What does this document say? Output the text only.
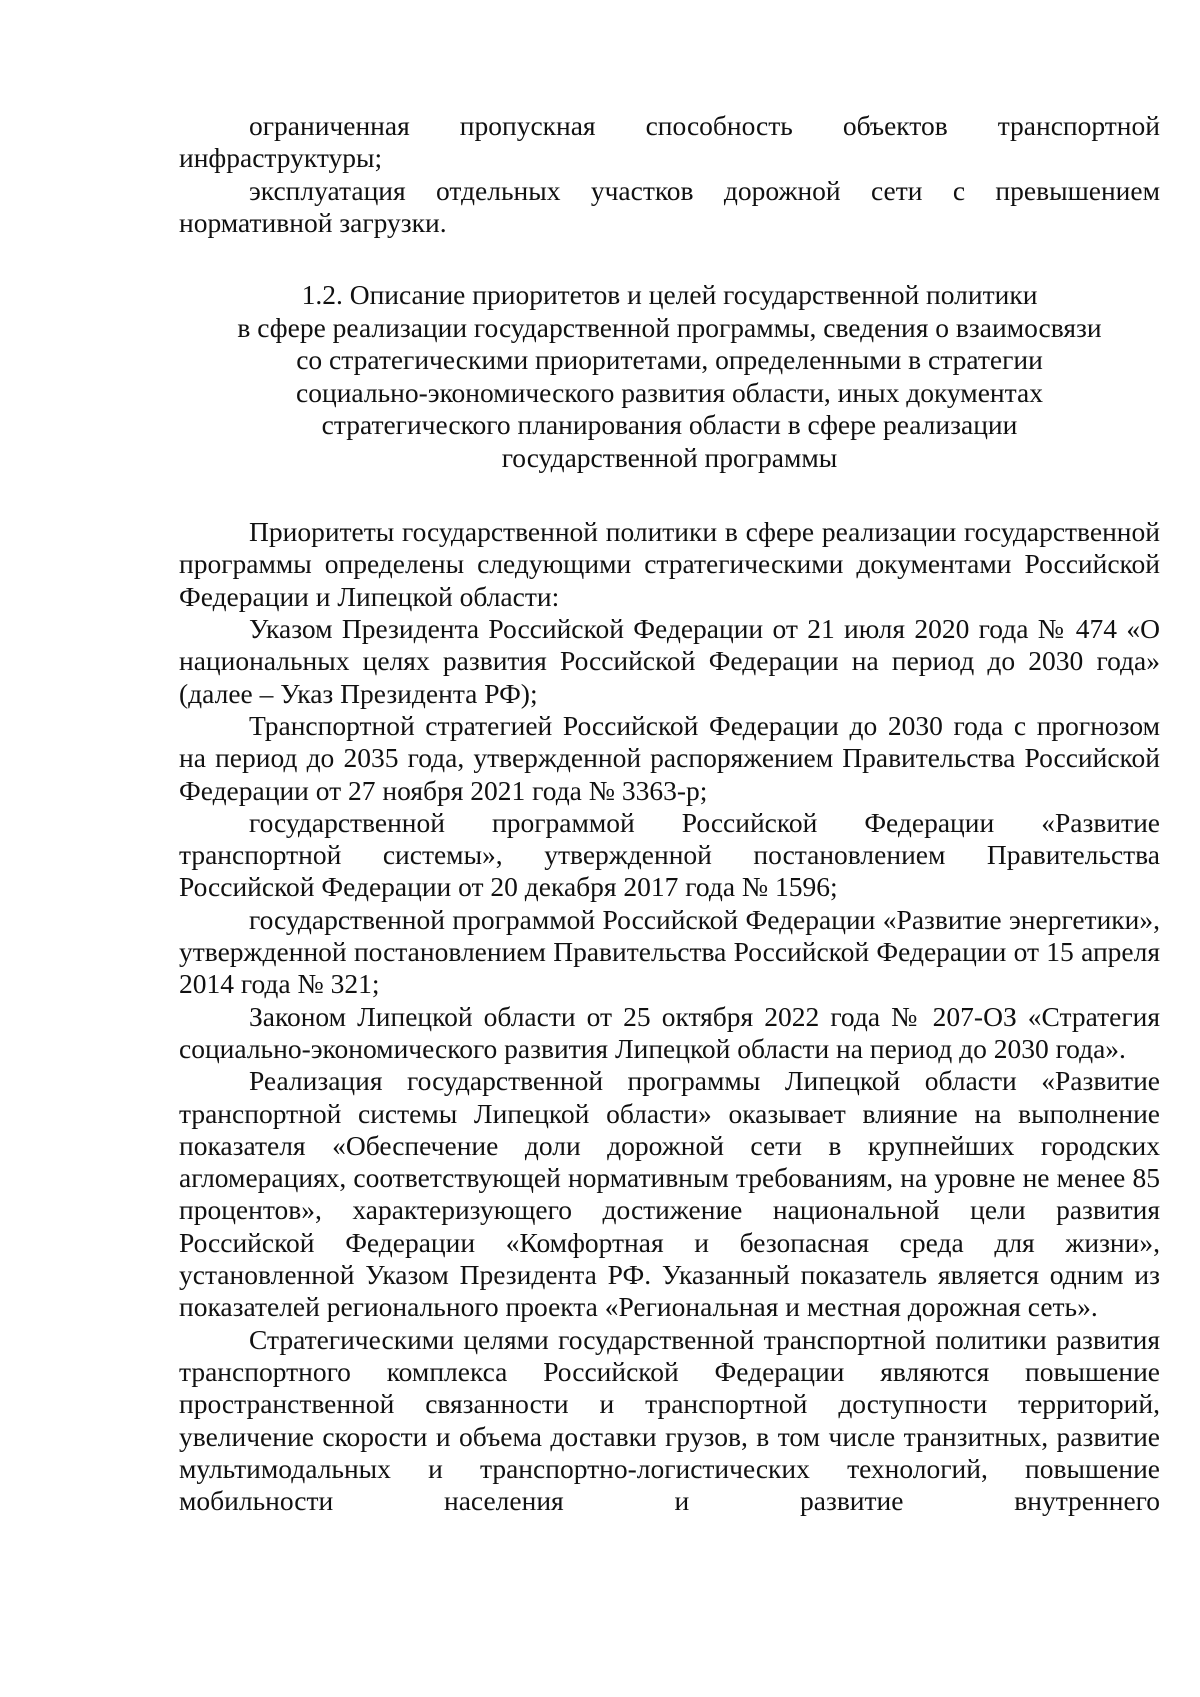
ограниченная пропускная способность объектов транспортной инфраструктуры;

эксплуатация отдельных участков дорожной сети с превышением нормативной загрузки.

1.2. Описание приоритетов и целей государственной политики
в сфере реализации государственной программы, сведения о взаимосвязи
со стратегическими приоритетами, определенными в стратегии
социально-экономического развития области, иных документах
стратегического планирования области в сфере реализации
государственной программы

Приоритеты государственной политики в сфере реализации государственной программы определены следующими стратегическими документами Российской Федерации и Липецкой области:

Указом Президента Российской Федерации от 21 июля 2020 года № 474 «О национальных целях развития Российской Федерации на период до 2030 года» (далее – Указ Президента РФ);

Транспортной стратегией Российской Федерации до 2030 года с прогнозом на период до 2035 года, утвержденной распоряжением Правительства Российской Федерации от 27 ноября 2021 года № 3363-р;

государственной программой Российской Федерации «Развитие транспортной системы», утвержденной постановлением Правительства Российской Федерации от 20 декабря 2017 года № 1596;

государственной программой Российской Федерации «Развитие энергетики», утвержденной постановлением Правительства Российской Федерации от 15 апреля 2014 года № 321;

Законом Липецкой области от 25 октября 2022 года № 207-ОЗ «Стратегия социально-экономического развития Липецкой области на период до 2030 года».

Реализация государственной программы Липецкой области «Развитие транспортной системы Липецкой области» оказывает влияние на выполнение показателя «Обеспечение доли дорожной сети в крупнейших городских агломерациях, соответствующей нормативным требованиям, на уровне не менее 85 процентов», характеризующего достижение национальной цели развития Российской Федерации «Комфортная и безопасная среда для жизни», установленной Указом Президента РФ. Указанный показатель является одним из показателей регионального проекта «Региональная и местная дорожная сеть».

Стратегическими целями государственной транспортной политики развития транспортного комплекса Российской Федерации являются повышение пространственной связанности и транспортной доступности территорий, увеличение скорости и объема доставки грузов, в том числе транзитных, развитие мультимодальных и транспортно-логистических технологий, повышение мобильности населения и развитие внутреннего
